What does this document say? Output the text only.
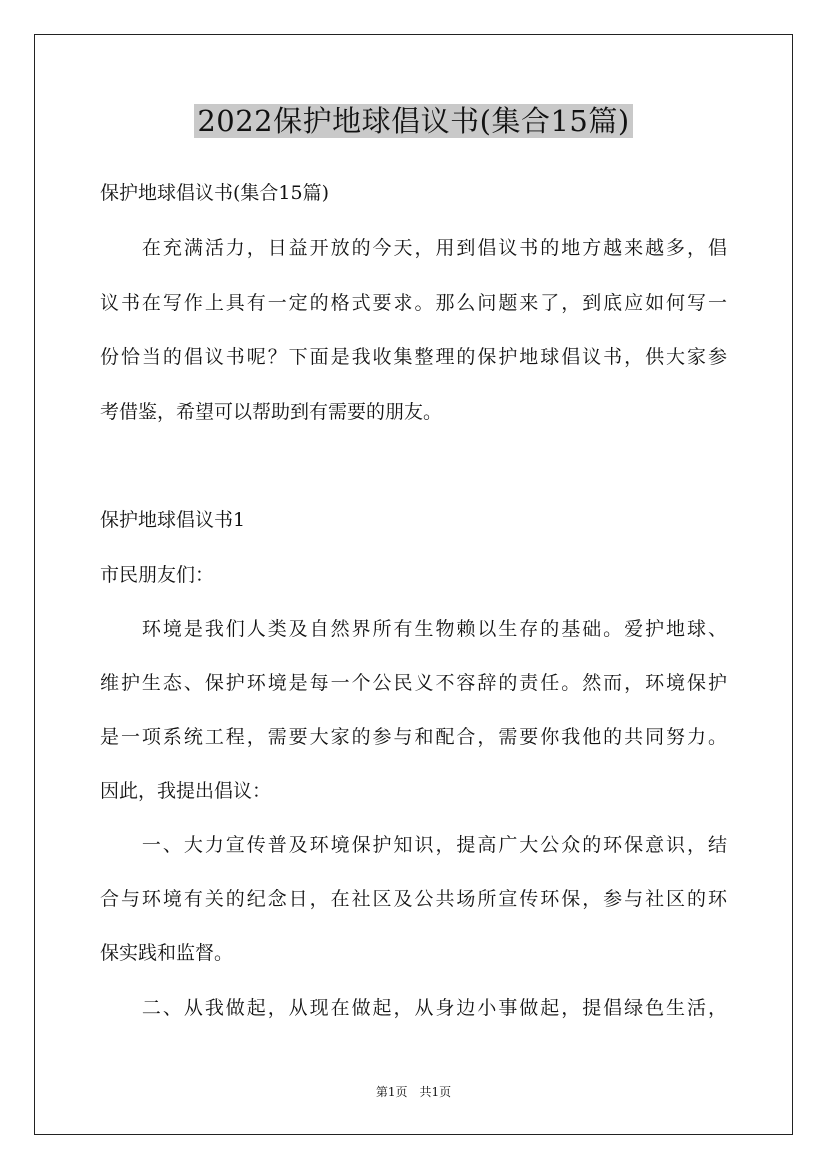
2022保护地球倡议书(集合15篇)
保护地球倡议书(集合15篇)
　　在充满活力，日益开放的今天，用到倡议书的地方越来越多，倡
议书在写作上具有一定的格式要求。那么问题来了，到底应如何写一
份恰当的倡议书呢？下面是我收集整理的保护地球倡议书，供大家参
考借鉴，希望可以帮助到有需要的朋友。
保护地球倡议书1
市民朋友们：
　　环境是我们人类及自然界所有生物赖以生存的基础。爱护地球、
维护生态、保护环境是每一个公民义不容辞的责任。然而，环境保护
是一项系统工程，需要大家的参与和配合，需要你我他的共同努力。
因此，我提出倡议：
　　一、大力宣传普及环境保护知识，提高广大公众的环保意识，结
合与环境有关的纪念日，在社区及公共场所宣传环保，参与社区的环
保实践和监督。
　　二、从我做起，从现在做起，从身边小事做起，提倡绿色生活，
第1页　共1页
